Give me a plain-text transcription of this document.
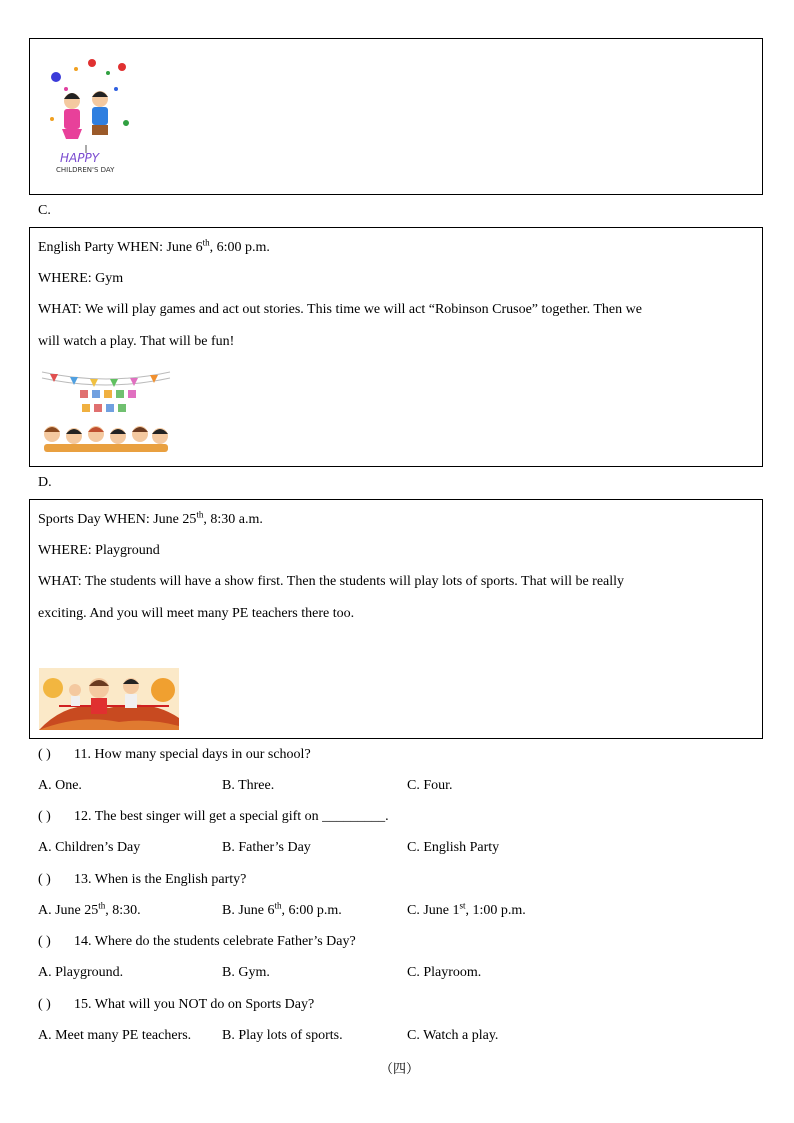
HAPPY
CHILDREN'S DAY
C.
English Party WHEN: June 6th, 6:00 p.m.
WHERE: Gym
WHAT: We will play games and act out stories. This time we will act “Robinson Crusoe” together. Then we
will watch a play. That will be fun!
D.
Sports Day WHEN: June 25th, 8:30 a.m.
WHERE: Playground
WHAT: The students will have a show first. Then the students will play lots of sports. That will be really
exciting. And you will meet many PE teachers there too.
( ) 11. How many special days in our school?
A. One.	B. Three.	C. Four.
( ) 12. The best singer will get a special gift on _________.
A. Children’s Day	B. Father’s Day	C. English Party
( ) 13. When is the English party?
A. June 25th, 8:30.	B. June 6th, 6:00 p.m.	C. June 1st, 1:00 p.m.
( ) 14. Where do the students celebrate Father’s Day?
A. Playground.	B. Gym.	C. Playroom.
( ) 15. What will you NOT do on Sports Day?
A. Meet many PE teachers. B. Play lots of sports.	C. Watch a play.
（四）
